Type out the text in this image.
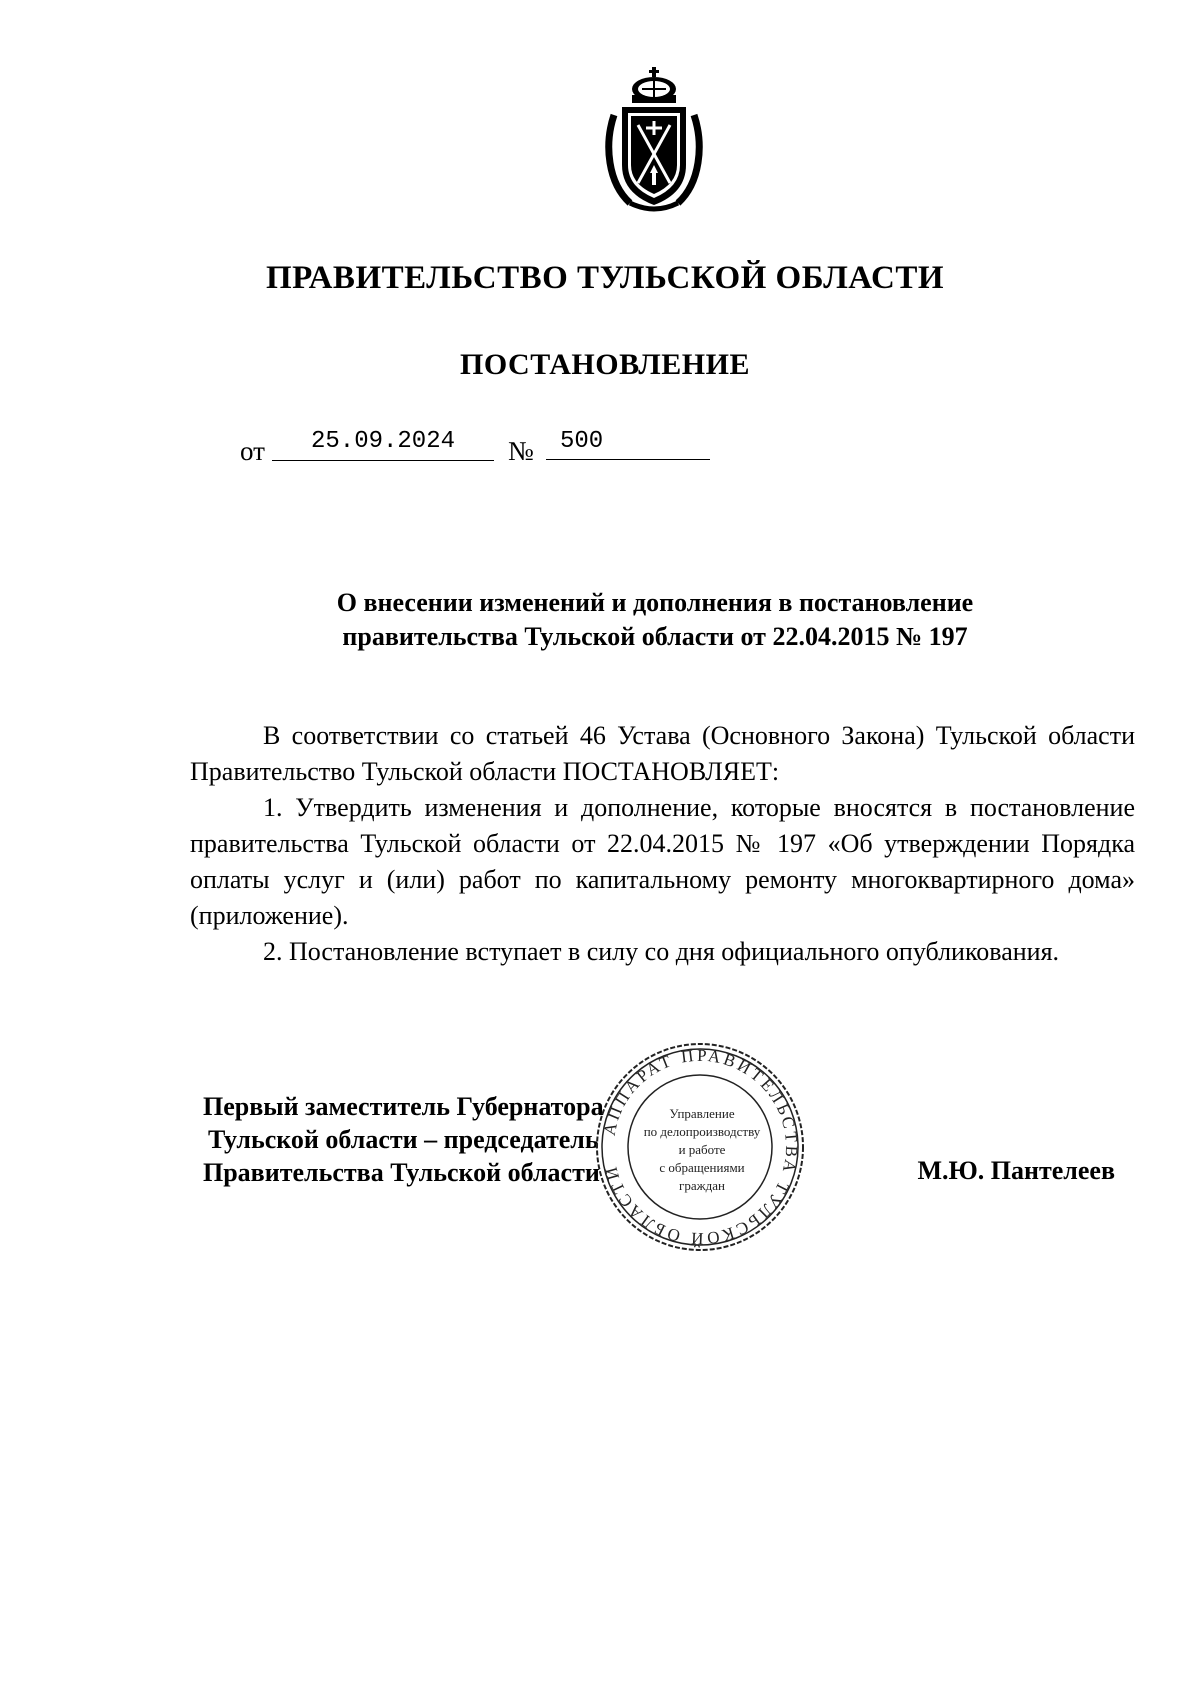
ПРАВИТЕЛЬСТВО ТУЛЬСКОЙ ОБЛАСТИ
ПОСТАНОВЛЕНИЕ
от	25.09.2024	№	500
О внесении изменений и дополнения в постановление
правительства Тульской области от 22.04.2015 № 197

В соответствии со статьей 46 Устава (Основного Закона) Тульской области Правительство Тульской области ПОСТАНОВЛЯЕТ:

1. Утвердить изменения и дополнение, которые вносятся в постановление правительства Тульской области от 22.04.2015 № 197 «Об утверждении Порядка оплаты услуг и (или) работ по капитальному ремонту многоквартирного дома» (приложение).

2. Постановление вступает в силу со дня официального опубликования.

Первый заместитель Губернатора
Тульской области – председатель
Правительства Тульской области	М.Ю. Пантелеев
АППАРАТ ПРАВИТЕЛЬСТВА ТУЛЬСКОЙ ОБЛАСТИ
Управление
по делопроизводству
и работе
с обращениями
граждан
